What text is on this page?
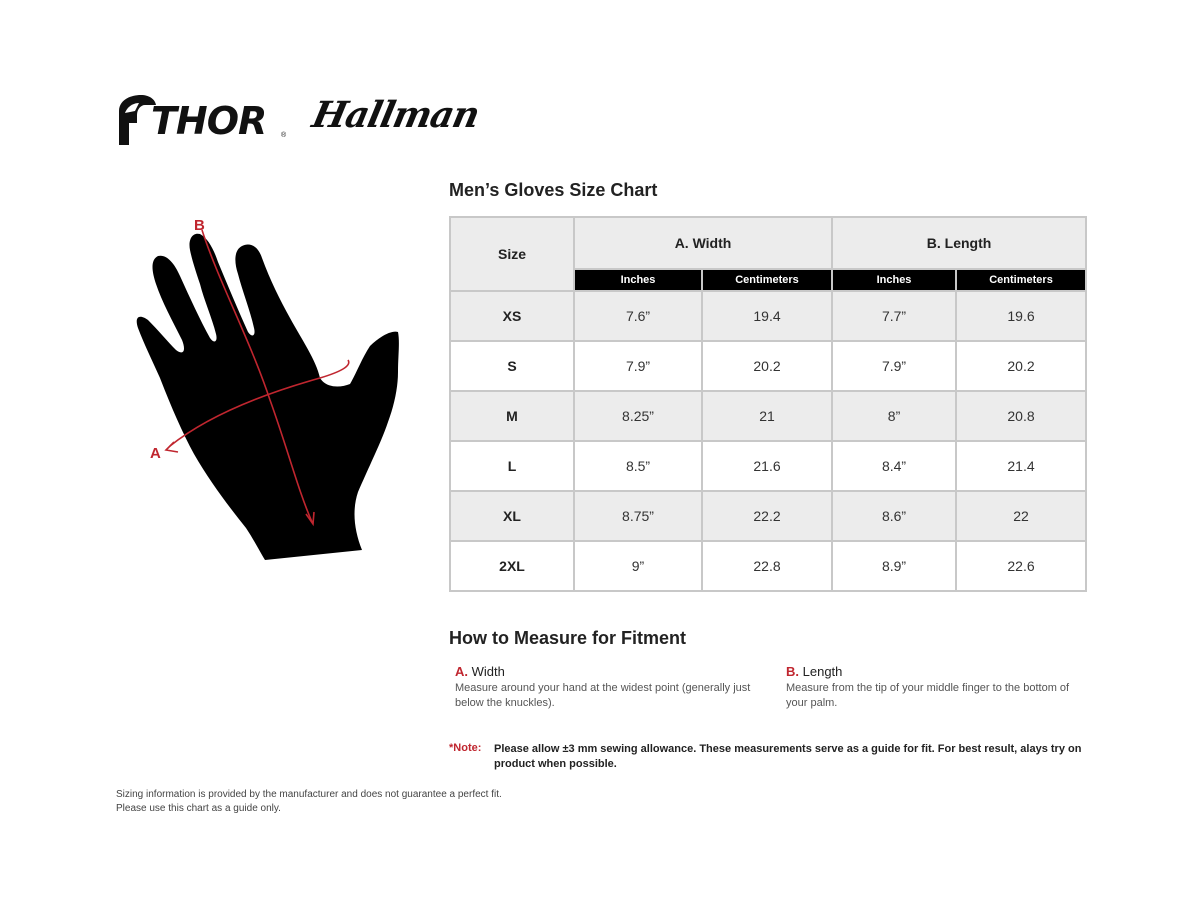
THOR ® Hallman
B
A
Men’s Gloves Size Chart
Size	A. Width		B. Length	
	Inches	Centimeters	Inches	Centimeters
XS	7.6”	19.4	7.7”	19.6
S	7.9”	20.2	7.9”	20.2
M	8.25”	21	8”	20.8
L	8.5”	21.6	8.4”	21.4
XL	8.75”	22.2	8.6”	22
2XL	9”	22.8	8.9”	22.6
How to Measure for Fitment
A. Width
Measure around your hand at the widest point (generally just below the knuckles).
B. Length
Measure from the tip of your middle finger to the bottom of your palm.
*Note: Please allow ±3 mm sewing allowance. These measurements serve as a guide for fit. For best result, alays try on product when possible.
Sizing information is provided by the manufacturer and does not guarantee a perfect fit.
Please use this chart as a guide only.
